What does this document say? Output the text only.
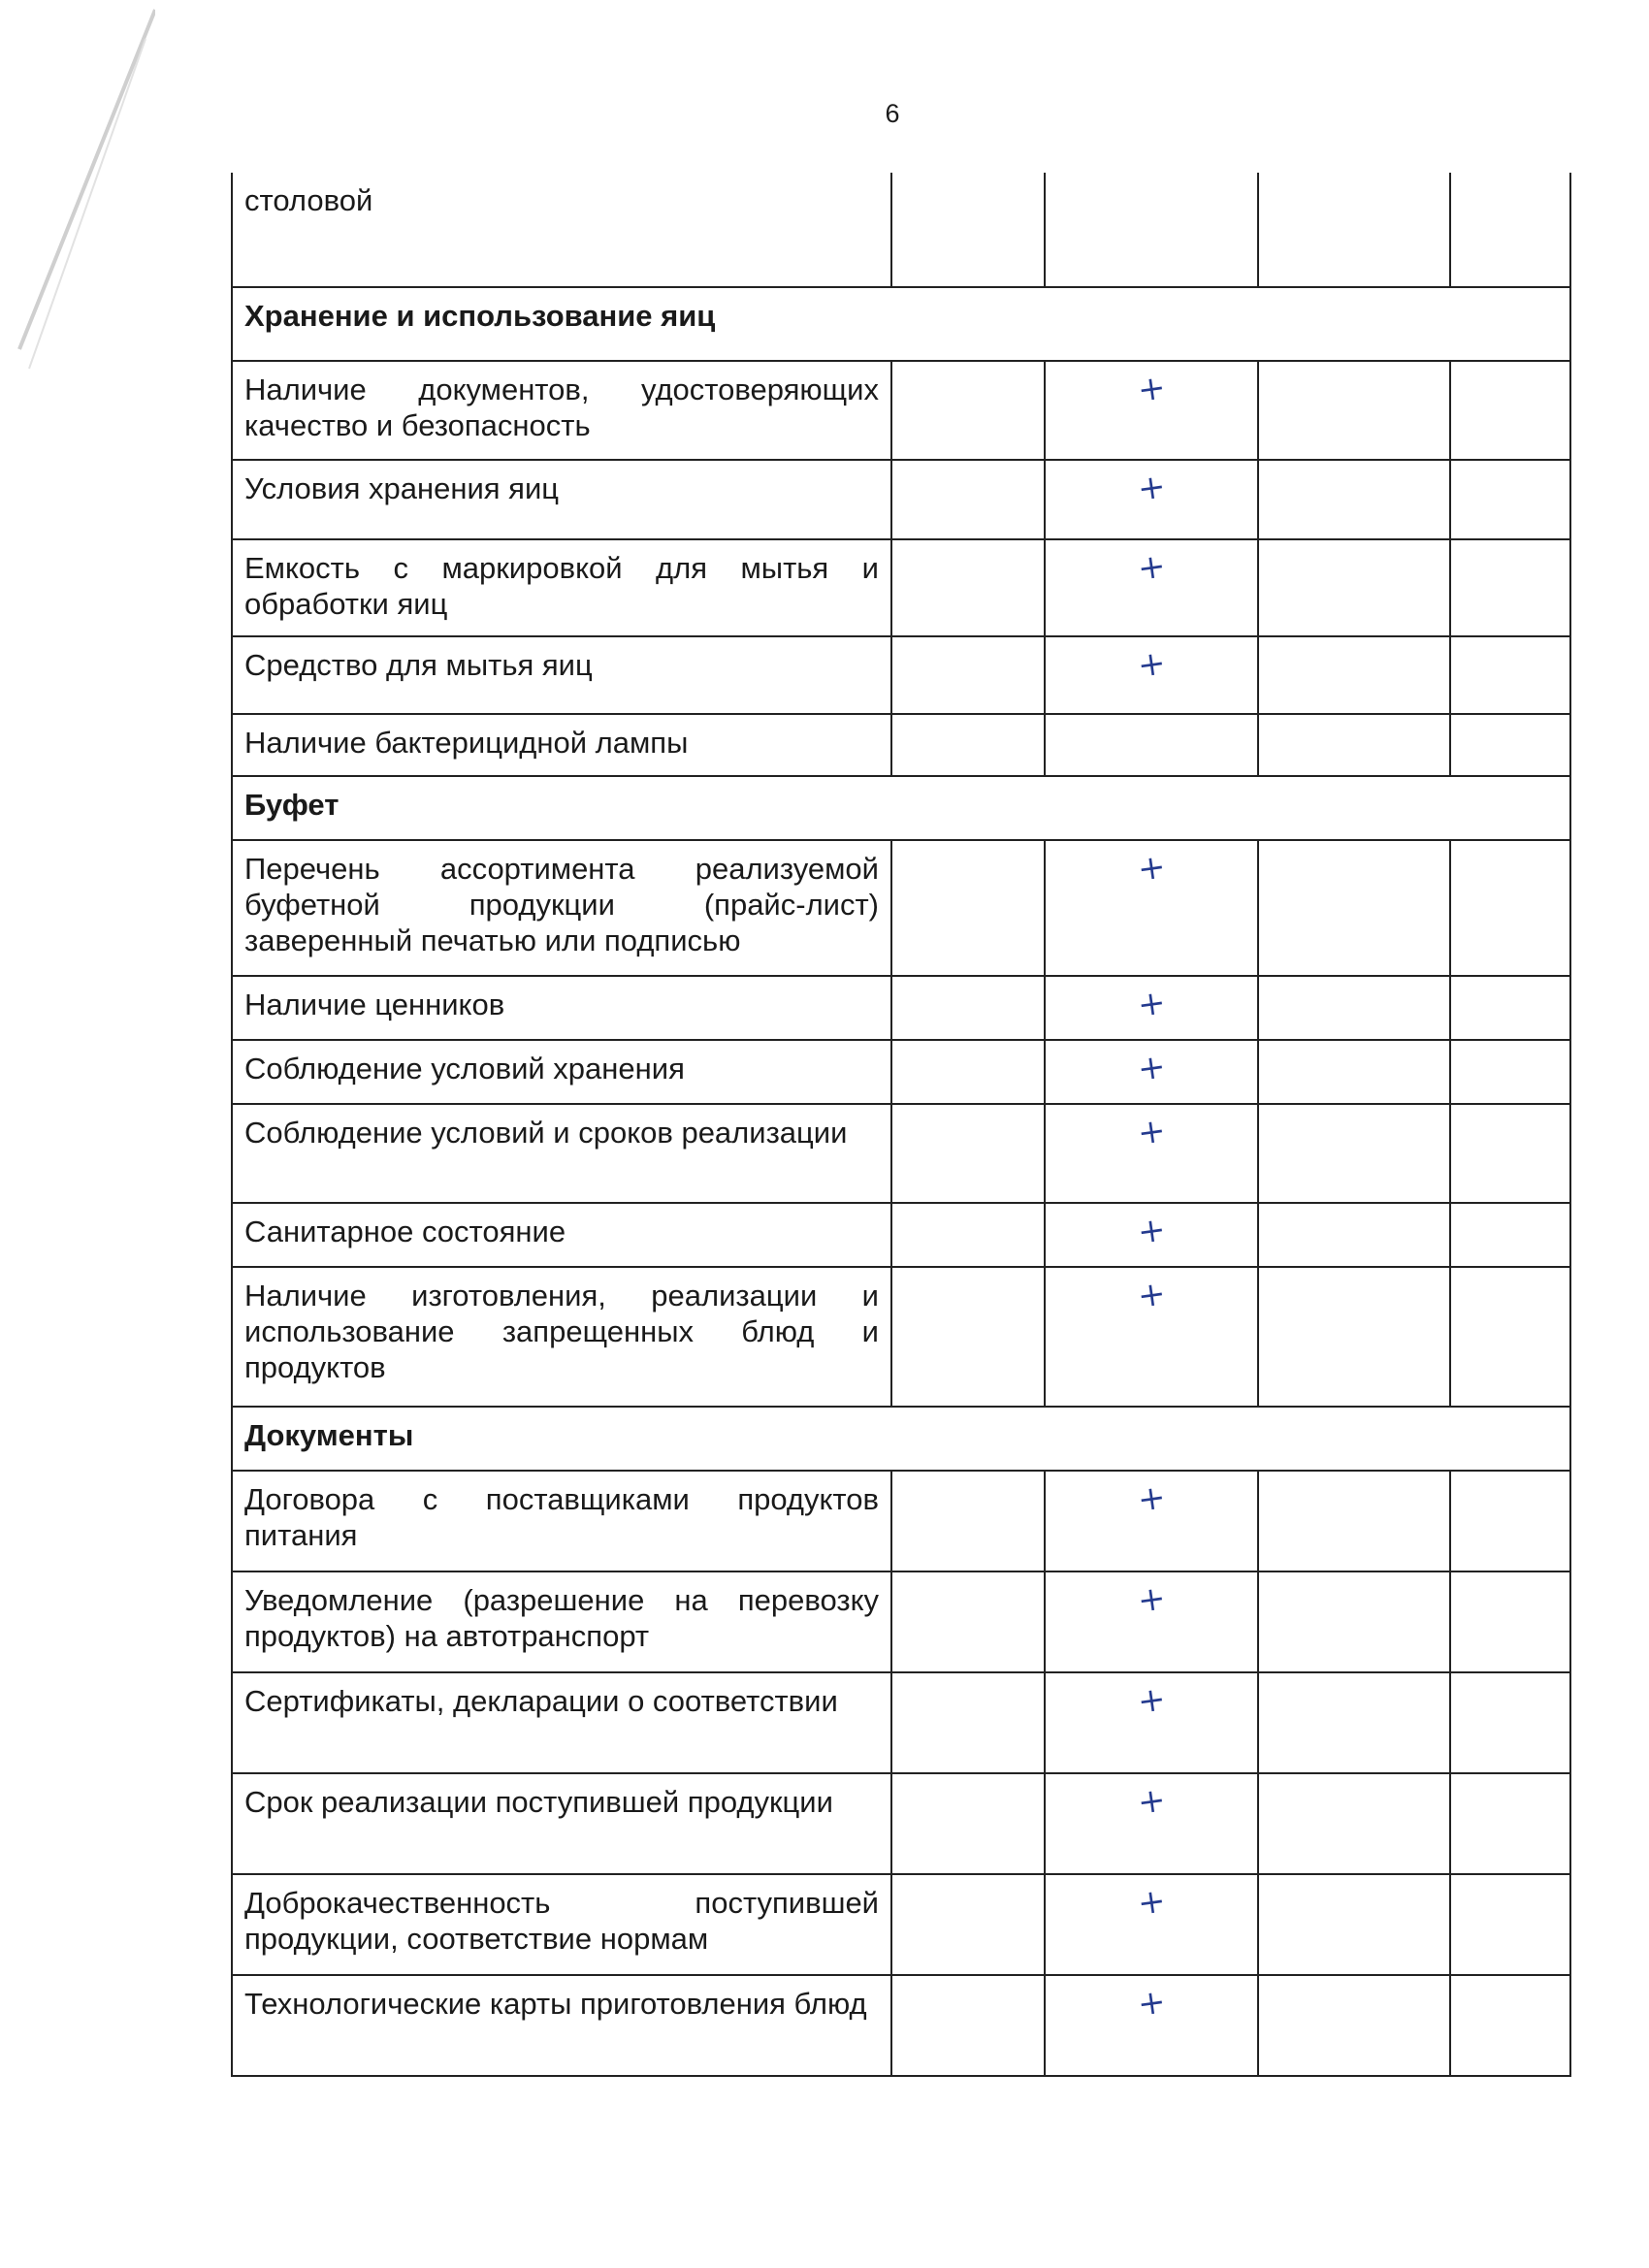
6
столовой				
Хранение и использование яиц				
Наличие документов, удостоверяющих качество и безопасность		+		
Условия хранения яиц		+		
Емкость с маркировкой для мытья и обработки яиц		+		
Средство для мытья яиц		+		
Наличие бактерицидной лампы				
Буфет				
Перечень ассортимента реализуемой буфетной продукции (прайс-лист) заверенный печатью или подписью		+		
Наличие ценников		+		
Соблюдение условий хранения		+		
Соблюдение условий и сроков реализации		+		
Санитарное состояние		+		
Наличие изготовления, реализации и использование запрещенных блюд и продуктов		+		
Документы				
Договора с поставщиками продуктов питания		+		
Уведомление (разрешение на перевозку продуктов) на автотранспорт		+		
Сертификаты, декларации о соответствии		+		
Срок реализации поступившей продукции		+		
Доброкачественность поступившей продукции, соответствие нормам		+		
Технологические карты приготовления блюд		+		
